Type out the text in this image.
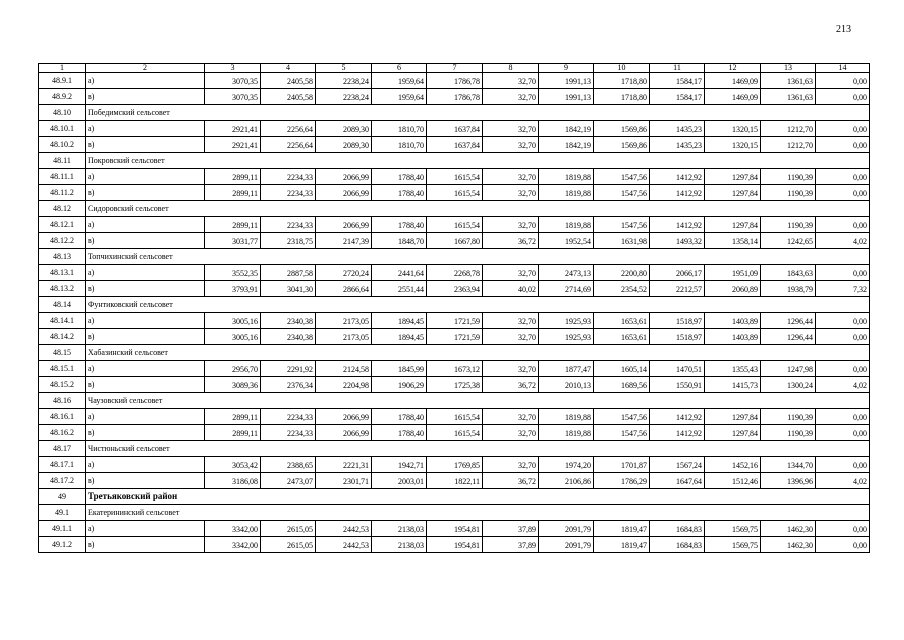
213
1	2	3	4	5	6	7	8	9	10	11	12	13	14
48.9.1	а)	3070,35	2405,58	2238,24	1959,64	1786,78	32,70	1991,13	1718,80	1584,17	1469,09	1361,63	0,00
48.9.2	в)	3070,35	2405,58	2238,24	1959,64	1786,78	32,70	1991,13	1718,80	1584,17	1469,09	1361,63	0,00
48.10	Победимский сельсовет												
48.10.1	а)	2921,41	2256,64	2089,30	1810,70	1637,84	32,70	1842,19	1569,86	1435,23	1320,15	1212,70	0,00
48.10.2	в)	2921,41	2256,64	2089,30	1810,70	1637,84	32,70	1842,19	1569,86	1435,23	1320,15	1212,70	0,00
48.11	Покровский сельсовет												
48.11.1	а)	2899,11	2234,33	2066,99	1788,40	1615,54	32,70	1819,88	1547,56	1412,92	1297,84	1190,39	0,00
48.11.2	в)	2899,11	2234,33	2066,99	1788,40	1615,54	32,70	1819,88	1547,56	1412,92	1297,84	1190,39	0,00
48.12	Сидоровский сельсовет												
48.12.1	а)	2899,11	2234,33	2066,99	1788,40	1615,54	32,70	1819,88	1547,56	1412,92	1297,84	1190,39	0,00
48.12.2	в)	3031,77	2318,75	2147,39	1848,70	1667,80	36,72	1952,54	1631,98	1493,32	1358,14	1242,65	4,02
48.13	Топчихинский сельсовет												
48.13.1	а)	3552,35	2887,58	2720,24	2441,64	2268,78	32,70	2473,13	2200,80	2066,17	1951,09	1843,63	0,00
48.13.2	в)	3793,91	3041,30	2866,64	2551,44	2363,94	40,02	2714,69	2354,52	2212,57	2060,89	1938,79	7,32
48.14	Фунтиковский сельсовет												
48.14.1	а)	3005,16	2340,38	2173,05	1894,45	1721,59	32,70	1925,93	1653,61	1518,97	1403,89	1296,44	0,00
48.14.2	в)	3005,16	2340,38	2173,05	1894,45	1721,59	32,70	1925,93	1653,61	1518,97	1403,89	1296,44	0,00
48.15	Хабазинский сельсовет												
48.15.1	а)	2956,70	2291,92	2124,58	1845,99	1673,12	32,70	1877,47	1605,14	1470,51	1355,43	1247,98	0,00
48.15.2	в)	3089,36	2376,34	2204,98	1906,29	1725,38	36,72	2010,13	1689,56	1550,91	1415,73	1300,24	4,02
48.16	Чаузовский сельсовет												
48.16.1	а)	2899,11	2234,33	2066,99	1788,40	1615,54	32,70	1819,88	1547,56	1412,92	1297,84	1190,39	0,00
48.16.2	в)	2899,11	2234,33	2066,99	1788,40	1615,54	32,70	1819,88	1547,56	1412,92	1297,84	1190,39	0,00
48.17	Чистюньский сельсовет												
48.17.1	а)	3053,42	2388,65	2221,31	1942,71	1769,85	32,70	1974,20	1701,87	1567,24	1452,16	1344,70	0,00
48.17.2	в)	3186,08	2473,07	2301,71	2003,01	1822,11	36,72	2106,86	1786,29	1647,64	1512,46	1396,96	4,02
49	Третьяковский район												
49.1	Екатерининский сельсовет												
49.1.1	а)	3342,00	2615,05	2442,53	2138,03	1954,81	37,89	2091,79	1819,47	1684,83	1569,75	1462,30	0,00
49.1.2	в)	3342,00	2615,05	2442,53	2138,03	1954,81	37,89	2091,79	1819,47	1684,83	1569,75	1462,30	0,00
